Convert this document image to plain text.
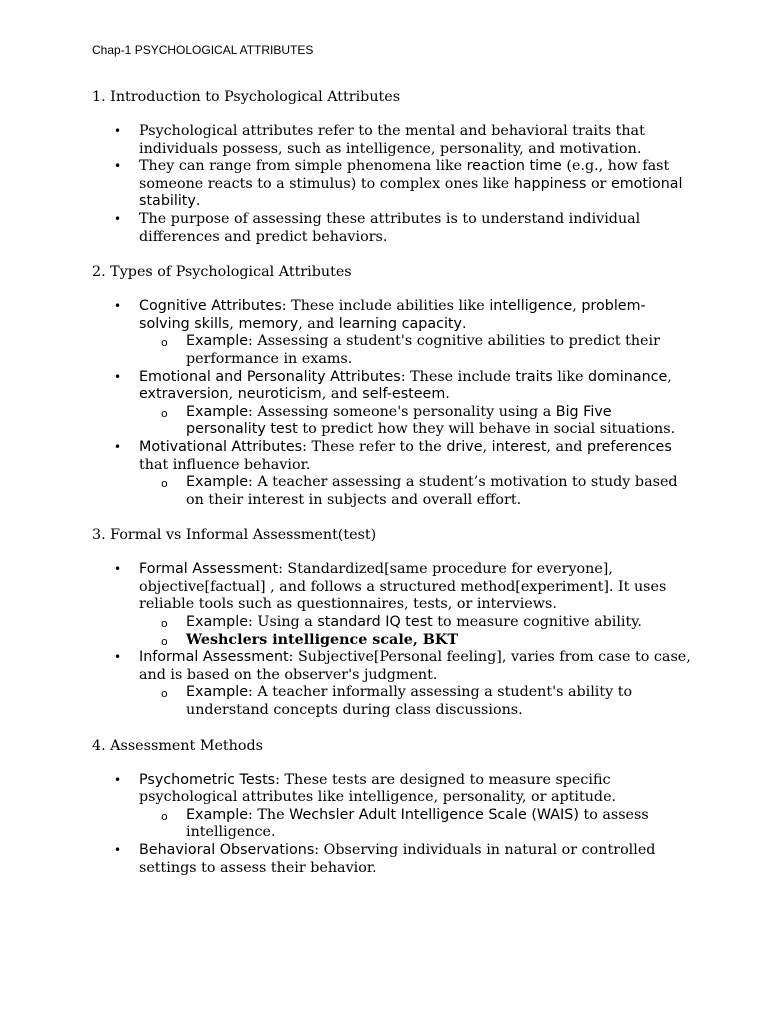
Chap-1 PSYCHOLOGICAL ATTRIBUTES
1. Introduction to Psychological Attributes
• Psychological attributes refer to the mental and behavioral traits that individuals possess, such as intelligence, personality, and motivation.
• They can range from simple phenomena like reaction time (e.g., how fast someone reacts to a stimulus) to complex ones like happiness or emotional stability.
• The purpose of assessing these attributes is to understand individual differences and predict behaviors.
2. Types of Psychological Attributes
• Cognitive Attributes: These include abilities like intelligence, problem-solving skills, memory, and learning capacity.
o Example: Assessing a student's cognitive abilities to predict their performance in exams.
• Emotional and Personality Attributes: These include traits like dominance, extraversion, neuroticism, and self-esteem.
o Example: Assessing someone's personality using a Big Five personality test to predict how they will behave in social situations.
• Motivational Attributes: These refer to the drive, interest, and preferences that influence behavior.
o Example: A teacher assessing a student’s motivation to study based on their interest in subjects and overall effort.
3. Formal vs Informal Assessment(test)
• Formal Assessment: Standardized[same procedure for everyone], objective[factual] , and follows a structured method[experiment]. It uses reliable tools such as questionnaires, tests, or interviews.
o Example: Using a standard IQ test to measure cognitive ability.
o Weshclers intelligence scale, BKT
• Informal Assessment: Subjective[Personal feeling], varies from case to case, and is based on the observer's judgment.
o Example: A teacher informally assessing a student's ability to understand concepts during class discussions.
4. Assessment Methods
• Psychometric Tests: These tests are designed to measure specific psychological attributes like intelligence, personality, or aptitude.
o Example: The Wechsler Adult Intelligence Scale (WAIS) to assess intelligence.
• Behavioral Observations: Observing individuals in natural or controlled settings to assess their behavior.
